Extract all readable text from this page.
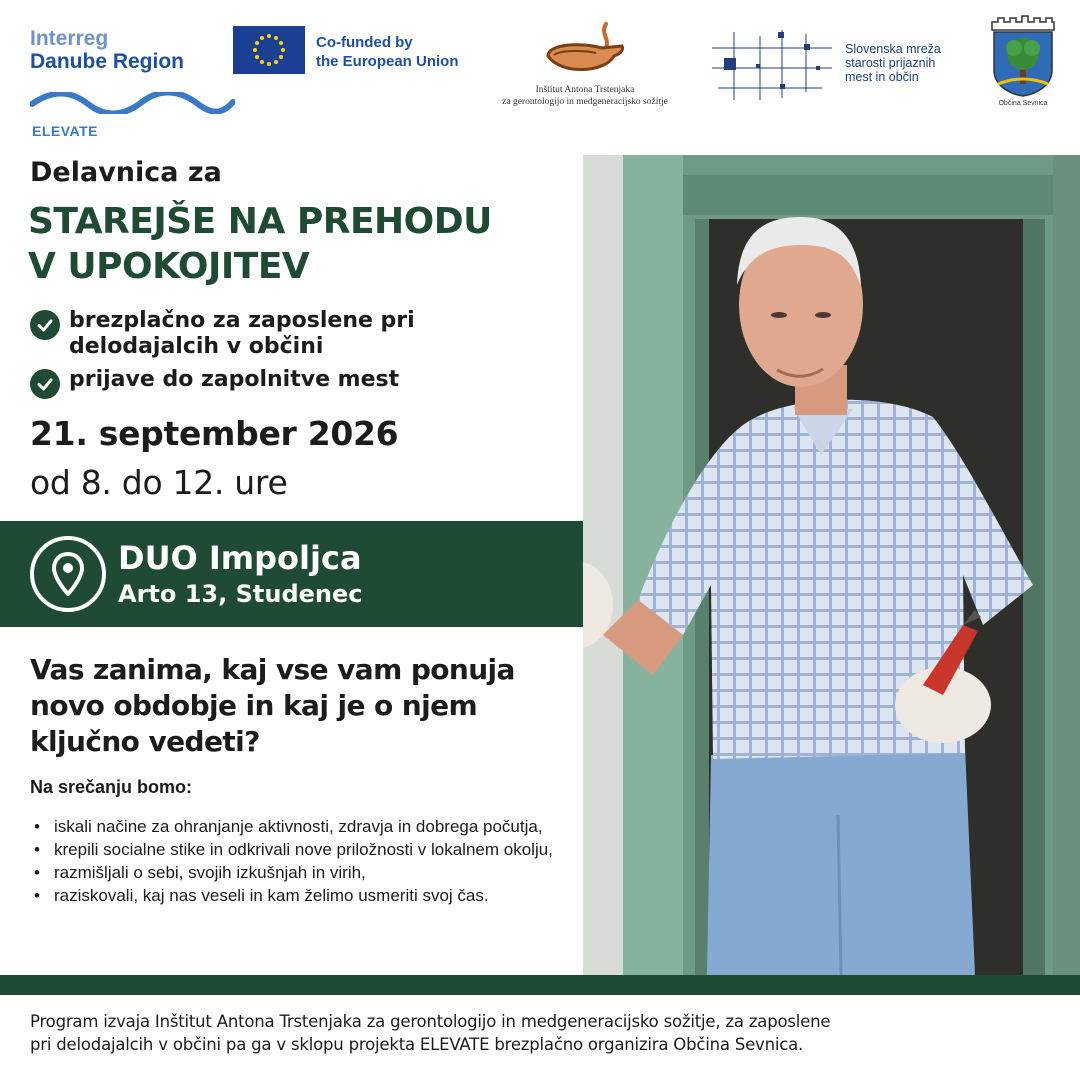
Interreg
Danube Region
ELEVATE
Co-funded by
the European Union
Inštitut Antona Trstenjaka
za gerontologijo in medgeneracijsko sožitje
Slovenska mreža
starosti prijaznih
mest in občin
Občina Sevnica
Delavnica za
STAREJŠE NA PREHODU
V UPOKOJITEV
brezplačno za zaposlene pri
delodajalcih v občini
prijave do zapolnitve mest
21. september 2026
od 8. do 12. ure
DUO Impoljca
Arto 13, Studenec
Vas zanima, kaj vse vam ponuja
novo obdobje in kaj je o njem
ključno vedeti?
Na srečanju bomo:
• iskali načine za ohranjanje aktivnosti, zdravja in dobrega počutja,
• krepili socialne stike in odkrivali nove priložnosti v lokalnem okolju,
• razmišljali o sebi, svojih izkušnjah in virih,
• raziskovali, kaj nas veseli in kam želimo usmeriti svoj čas.
Program izvaja Inštitut Antona Trstenjaka za gerontologijo in medgeneracijsko sožitje, za zaposlene
pri delodajalcih v občini pa ga v sklopu projekta ELEVATE brezplačno organizira Občina Sevnica.
